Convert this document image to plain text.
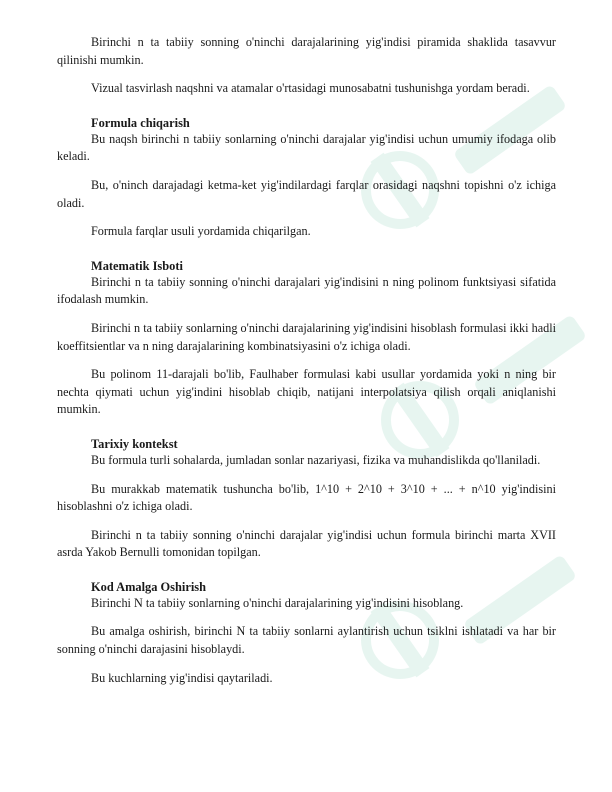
Birinchi n ta tabiiy sonning o'ninchi darajalarining yig'indisi piramida shaklida tasavvur qilinishi mumkin.

Vizual tasvirlash naqshni va atamalar o'rtasidagi munosabatni tushunishga yordam beradi.

Formula chiqarish

Bu naqsh birinchi n tabiiy sonlarning o'ninchi darajalar yig'indisi uchun umumiy ifodaga olib keladi.

Bu, o'ninch darajadagi ketma-ket yig'indilardagi farqlar orasidagi naqshni topishni o'z ichiga oladi.

Formula farqlar usuli yordamida chiqarilgan.

Matematik Isboti

Birinchi n ta tabiiy sonning o'ninchi darajalari yig'indisini n ning polinom funktsiyasi sifatida ifodalash mumkin.

Birinchi n ta tabiiy sonlarning o'ninchi darajalarining yig'indisini hisoblash formulasi ikki hadli koeffitsientlar va n ning darajalarining kombinatsiyasini o'z ichiga oladi.

Bu polinom 11-darajali bo'lib, Faulhaber formulasi kabi usullar yordamida yoki n ning bir nechta qiymati uchun yig'indini hisoblab chiqib, natijani interpolatsiya qilish orqali aniqlanishi mumkin.

Tarixiy kontekst

Bu formula turli sohalarda, jumladan sonlar nazariyasi, fizika va muhandislikda qo'llaniladi.

Bu murakkab matematik tushuncha bo'lib, 1^10 + 2^10 + 3^10 + ... + n^10 yig'indisini hisoblashni o'z ichiga oladi.

Birinchi n ta tabiiy sonning o'ninchi darajalar yig'indisi uchun formula birinchi marta XVII asrda Yakob Bernulli tomonidan topilgan.

Kod Amalga Oshirish

Birinchi N ta tabiiy sonlarning o'ninchi darajalarining yig'indisini hisoblang.

Bu amalga oshirish, birinchi N ta tabiiy sonlarni aylantirish uchun tsiklni ishlatadi va har bir sonning o'ninchi darajasini hisoblaydi.

Bu kuchlarning yig'indisi qaytariladi.
